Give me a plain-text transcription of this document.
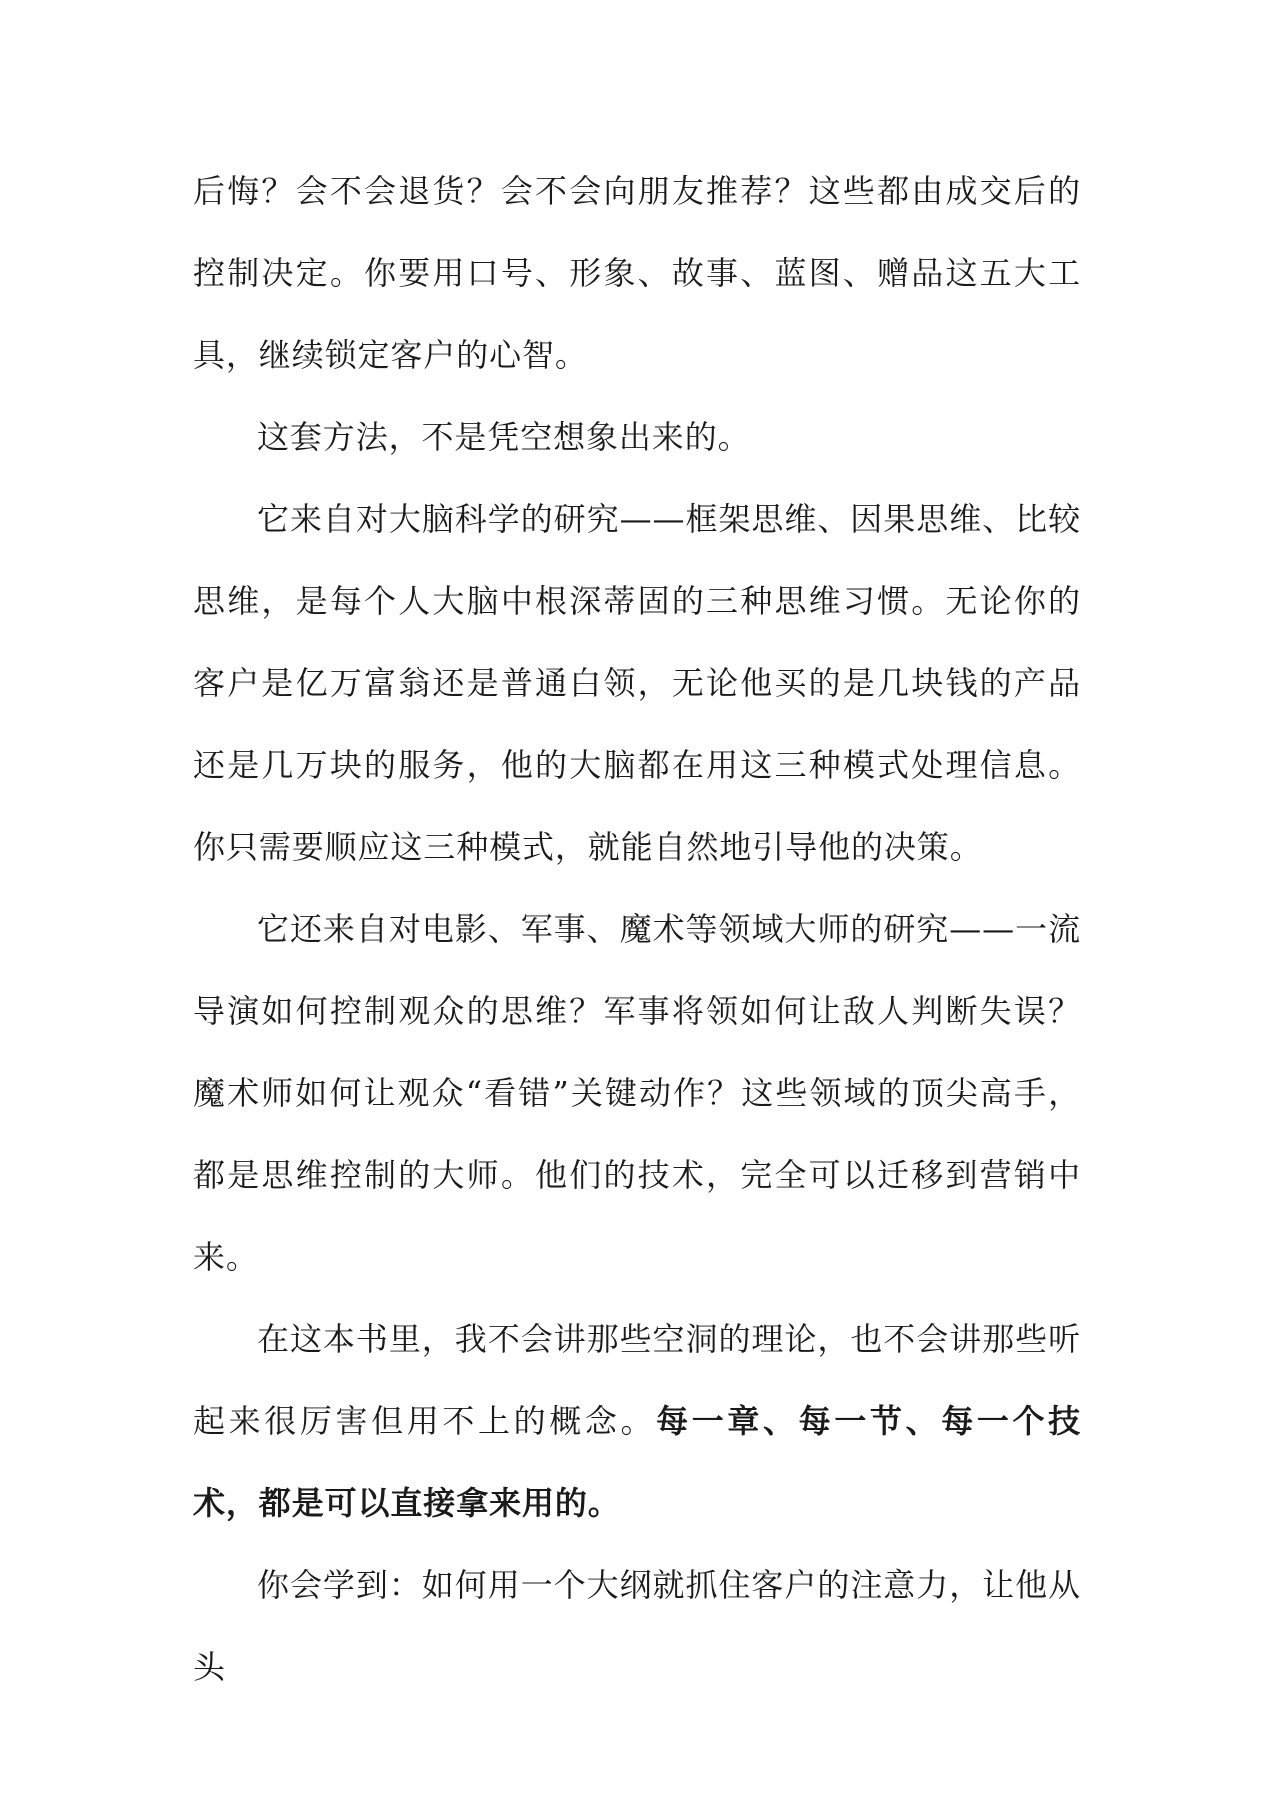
后悔？会不会退货？会不会向朋友推荐？这些都由成交后的控制决定。你要用口号、形象、故事、蓝图、赠品这五大工具，继续锁定客户的心智。

这套方法，不是凭空想象出来的。

它来自对大脑科学的研究——框架思维、因果思维、比较思维，是每个人大脑中根深蒂固的三种思维习惯。无论你的客户是亿万富翁还是普通白领，无论他买的是几块钱的产品还是几万块的服务，他的大脑都在用这三种模式处理信息。你只需要顺应这三种模式，就能自然地引导他的决策。

它还来自对电影、军事、魔术等领域大师的研究——一流导演如何控制观众的思维？军事将领如何让敌人判断失误？魔术师如何让观众“看错”关键动作？这些领域的顶尖高手，都是思维控制的大师。他们的技术，完全可以迁移到营销中来。

在这本书里，我不会讲那些空洞的理论，也不会讲那些听起来很厉害但用不上的概念。每一章、每一节、每一个技术，都是可以直接拿来用的。

你会学到：如何用一个大纲就抓住客户的注意力，让他从头
